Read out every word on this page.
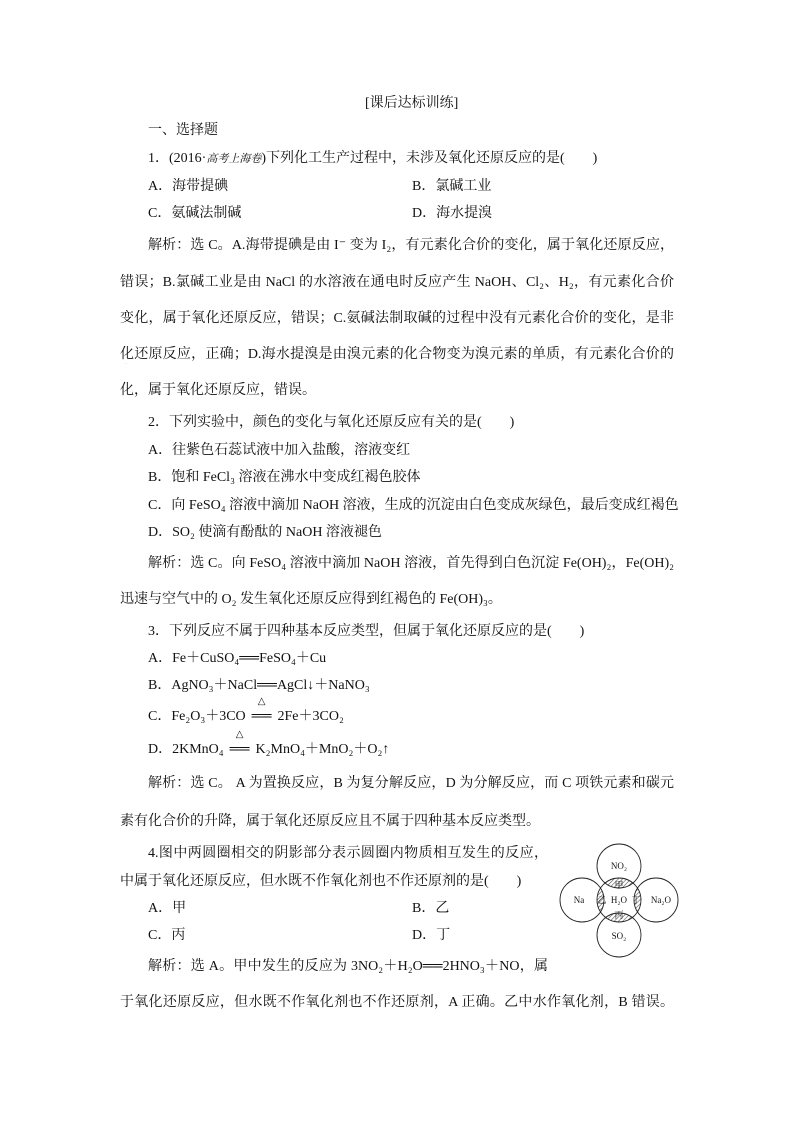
[课后达标训练]
一、选择题
1．(2016·高考上海卷)下列化工生产过程中，未涉及氧化还原反应的是(　　)
A．海带提碘	B．氯碱工业
C．氨碱法制碱	D．海水提溴
解析：选 C。A.海带提碘是由 I⁻ 变为 I₂，有元素化合价的变化，属于氧化还原反应，
错误；B.氯碱工业是由 NaCl 的水溶液在通电时反应产生 NaOH、Cl₂、H₂，有元素化合价
变化，属于氧化还原反应，错误；C.氨碱法制取碱的过程中没有元素化合价的变化，是非
化还原反应，正确；D.海水提溴是由溴元素的化合物变为溴元素的单质，有元素化合价的
化，属于氧化还原反应，错误。
2．下列实验中，颜色的变化与氧化还原反应有关的是(　　)
A．往紫色石蕊试液中加入盐酸，溶液变红
B．饱和 FeCl₃ 溶液在沸水中变成红褐色胶体
C．向 FeSO₄ 溶液中滴加 NaOH 溶液，生成的沉淀由白色变成灰绿色，最后变成红褐色
D．SO₂ 使滴有酚酞的 NaOH 溶液褪色
解析：选 C。向 FeSO₄ 溶液中滴加 NaOH 溶液，首先得到白色沉淀 Fe(OH)₂，Fe(OH)₂
迅速与空气中的 O₂ 发生氧化还原反应得到红褐色的 Fe(OH)₃。
3．下列反应不属于四种基本反应类型，但属于氧化还原反应的是(　　)
A．Fe＋CuSO₄══FeSO₄＋Cu
B．AgNO₃＋NaCl══AgCl↓＋NaNO₃
C．Fe₂O₃＋3CO
△
══ 2Fe＋3CO₂
D．2KMnO₄
△
══ K₂MnO₄＋MnO₂＋O₂↑
解析：选 C。 A 为置换反应，B 为复分解反应，D 为分解反应，而 C 项铁元素和碳元
素有化合价的升降，属于氧化还原反应且不属于四种基本反应类型。
4.图中两圆圈相交的阴影部分表示圆圈内物质相互发生的反应，
中属于氧化还原反应，但水既不作氧化剂也不作还原剂的是(　　)
A．甲	B．乙
C．丙	D．丁
NO₂
Na	Na₂O
SO₂
H₂O
甲
乙	丁
丙
解析：选 A。甲中发生的反应为 3NO₂＋H₂O══2HNO₃＋NO，属
于氧化还原反应，但水既不作氧化剂也不作还原剂，A 正确。乙中水作氧化剂，B 错误。
